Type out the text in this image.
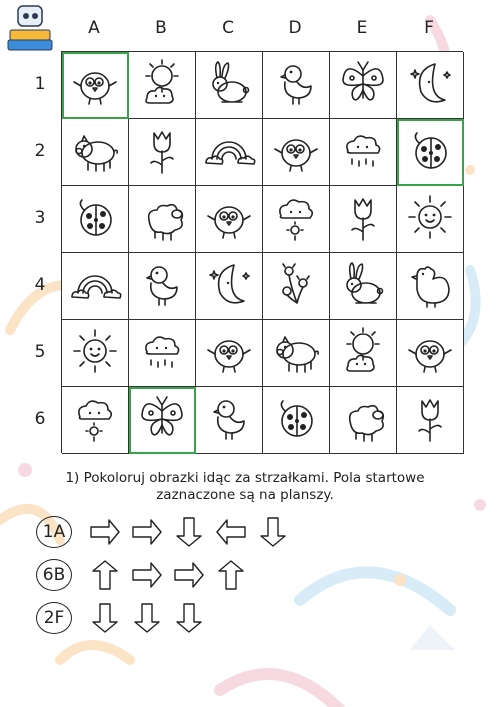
A	B	C	D	E	F
1
2
3
4
5
6
1) Pokoloruj obrazki idąc za strzałkami. Pola startowe
zaznaczone są na planszy.
1A
6B
2F
